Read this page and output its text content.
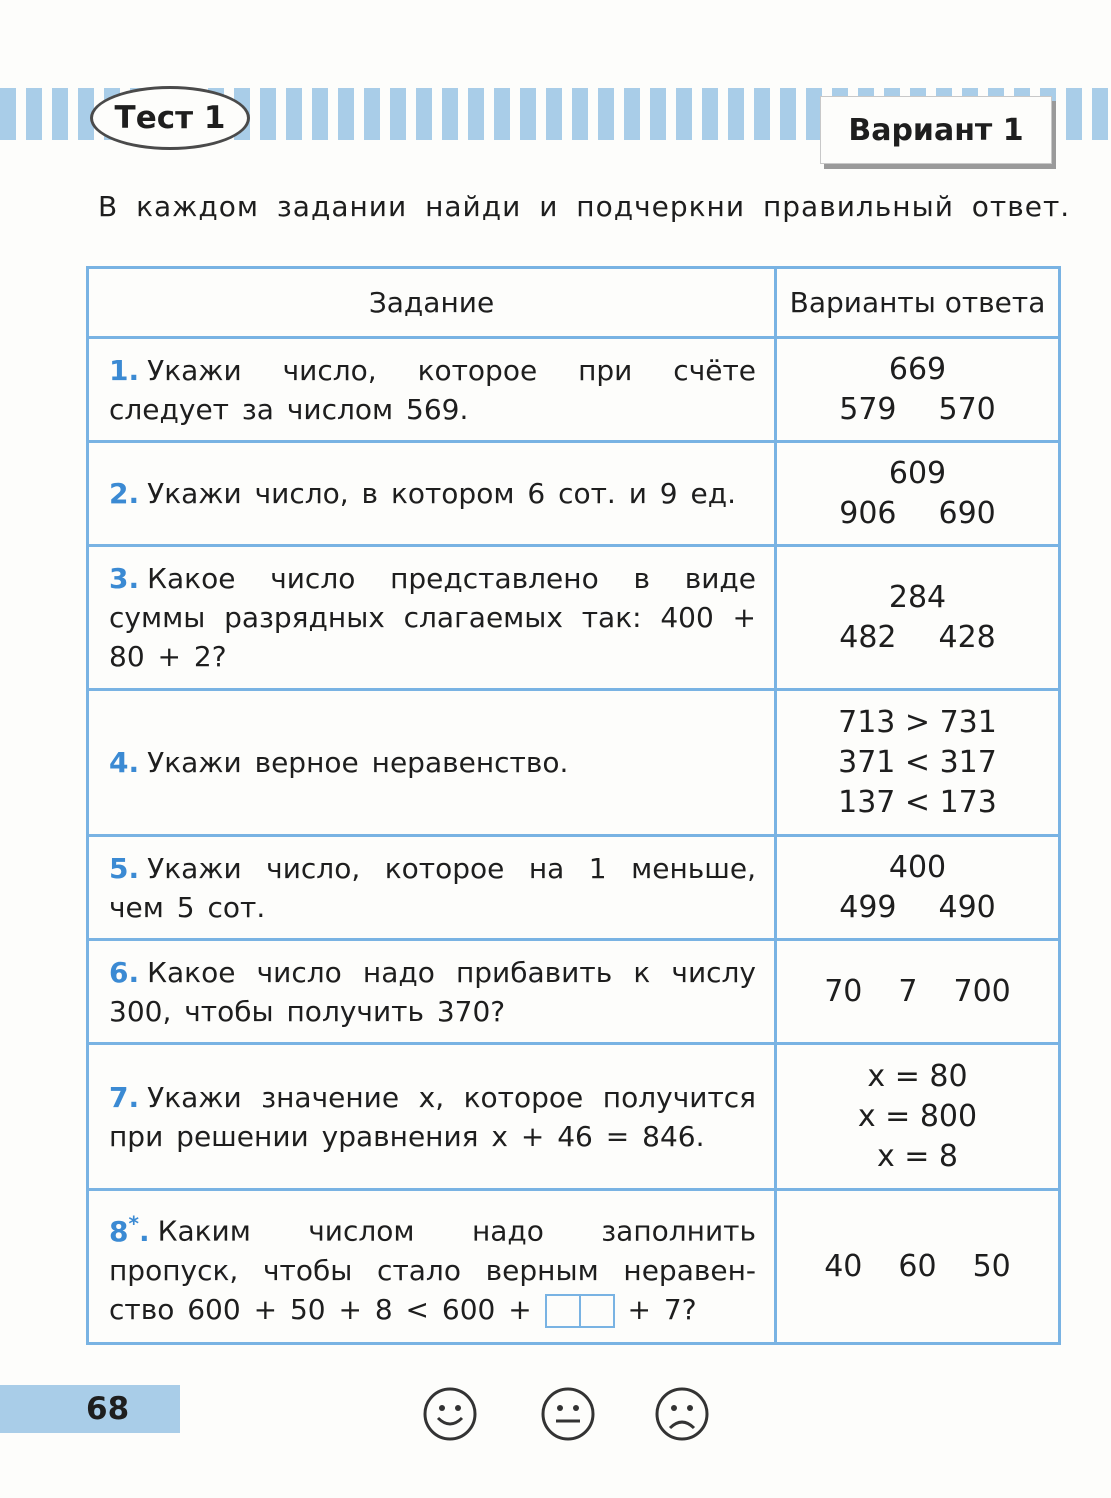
Тест 1	Вариант 1
В каждом задании найди и подчеркни правильный ответ.
Задание	Варианты ответа
1. Укажи число, которое при счёте следует за числом 569.	669
579 570

2. Укажи число, в котором 6 сот. и 9 ед.	609
906 690

3. Какое число представлено в виде суммы разрядных слагаемых так: 400 + 80 + 2?	284
482 428

4. Укажи верное неравенство.	713 > 731
371 < 317
137 < 173

5. Укажи число, которое на 1 меньше, чем 5 сот.	400
499 490

6. Какое число надо прибавить к числу 300, чтобы получить 370?	70 7 700
7. Укажи значение x, которое получится при решении уравнения x + 46 = 846.	x = 80
x = 800
x = 8

8*. Каким числом надо заполнить пропуск, чтобы стало верным неравенство 600 + 50 + 8 < 600 + + 7?	40 60 50
68
